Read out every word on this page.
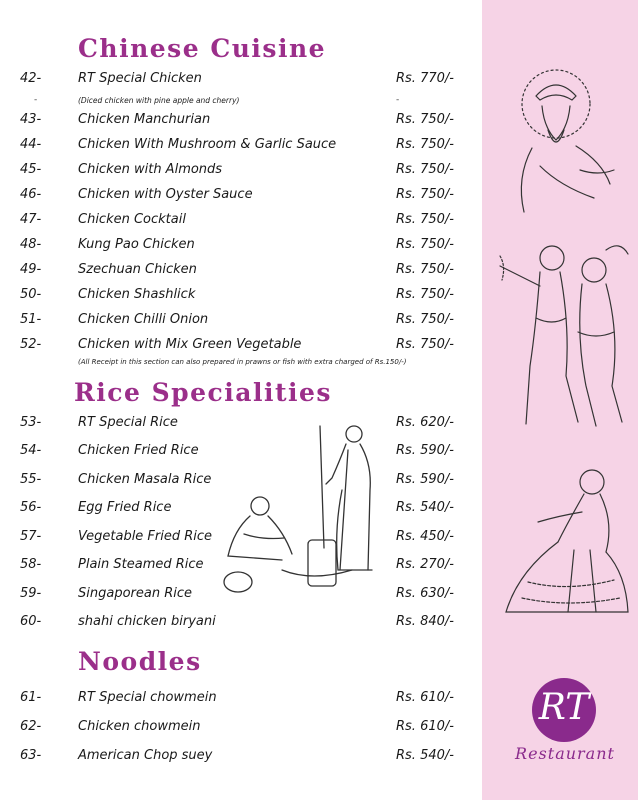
Chinese Cuisine
42-	RT Special Chicken	Rs. 770/-
-	(Diced chicken with pine apple and cherry)	-
43-	Chicken Manchurian	Rs. 750/-
44-	Chicken With Mushroom & Garlic Sauce	Rs. 750/-
45-	Chicken with Almonds	Rs. 750/-
46-	Chicken with Oyster Sauce	Rs. 750/-
47-	Chicken Cocktail	Rs. 750/-
48-	Kung Pao Chicken	Rs. 750/-
49-	Szechuan Chicken	Rs. 750/-
50-	Chicken Shashlick	Rs. 750/-
51-	Chicken Chilli Onion	Rs. 750/-
52-	Chicken with Mix Green Vegetable	Rs. 750/-
(All Receipt in this section can also prepared in prawns or fish with extra charged of Rs.150/-)
Rice Specialities
53-	RT Special Rice	Rs. 620/-
54-	Chicken Fried Rice	Rs. 590/-
55-	Chicken Masala Rice	Rs. 590/-
56-	Egg Fried Rice	Rs. 540/-
57-	Vegetable Fried Rice	Rs. 450/-
58-	Plain Steamed Rice	Rs. 270/-
59-	Singaporean Rice	Rs. 630/-
60-	shahi chicken biryani	Rs. 840/-
Noodles
61-	RT Special chowmein	Rs. 610/-
62-	Chicken chowmein	Rs. 610/-
63-	American Chop suey	Rs. 540/-
RT
Restaurant
